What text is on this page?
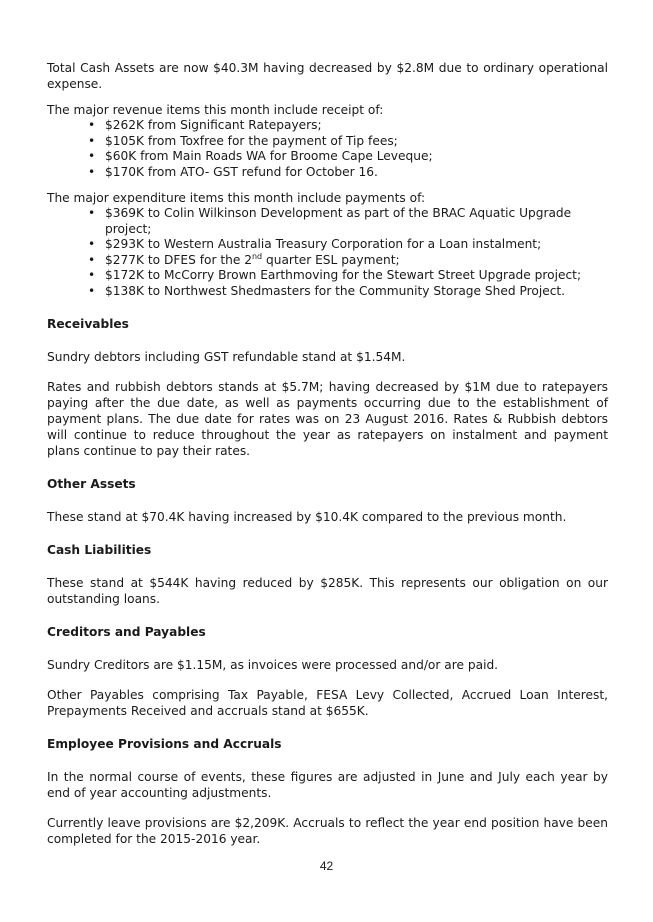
Total Cash Assets are now $40.3M having decreased by $2.8M due to ordinary operational expense.

The major revenue items this month include receipt of:

• $262K from Significant Ratepayers;
• $105K from Toxfree for the payment of Tip fees;
• $60K from Main Roads WA for Broome Cape Leveque;
• $170K from ATO- GST refund for October 16.

The major expenditure items this month include payments of:

• $369K to Colin Wilkinson Development as part of the BRAC Aquatic Upgrade project;
• $293K to Western Australia Treasury Corporation for a Loan instalment;
• $277K to DFES for the 2nd quarter ESL payment;
• $172K to McCorry Brown Earthmoving for the Stewart Street Upgrade project;
• $138K to Northwest Shedmasters for the Community Storage Shed Project.
Receivables

Sundry debtors including GST refundable stand at $1.54M.

Rates and rubbish debtors stands at $5.7M; having decreased by $1M due to ratepayers paying after the due date, as well as payments occurring due to the establishment of payment plans. The due date for rates was on 23 August 2016. Rates & Rubbish debtors will continue to reduce throughout the year as ratepayers on instalment and payment plans continue to pay their rates.

Other Assets

These stand at $70.4K having increased by $10.4K compared to the previous month.

Cash Liabilities

These stand at $544K having reduced by $285K. This represents our obligation on our outstanding loans.

Creditors and Payables

Sundry Creditors are $1.15M, as invoices were processed and/or are paid.

Other Payables comprising Tax Payable, FESA Levy Collected, Accrued Loan Interest, Prepayments Received and accruals stand at $655K.

Employee Provisions and Accruals

In the normal course of events, these figures are adjusted in June and July each year by end of year accounting adjustments.

Currently leave provisions are $2,209K. Accruals to reflect the year end position have been completed for the 2015-2016 year.

42
